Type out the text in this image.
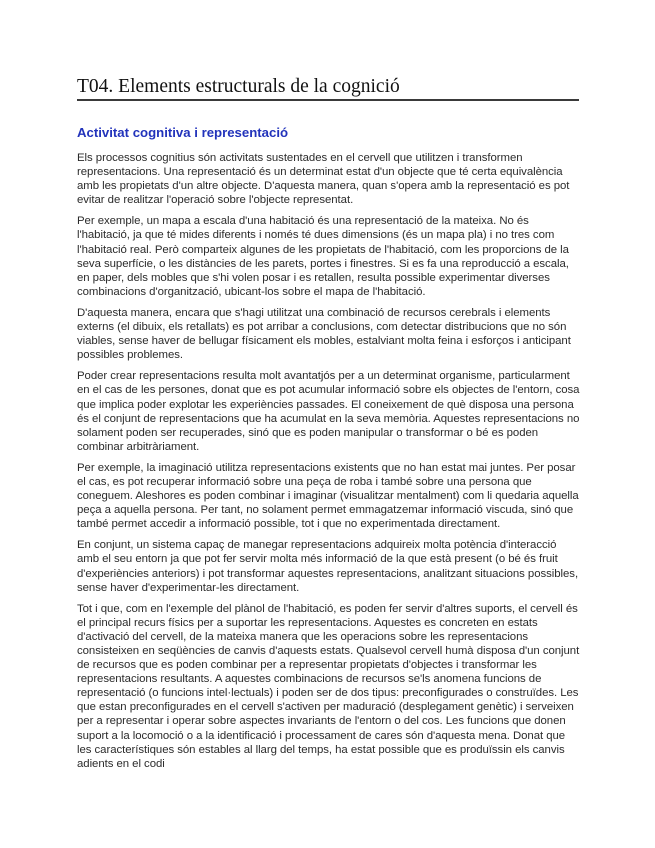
T04. Elements estructurals de la cognició
Activitat cognitiva i representació

Els processos cognitius són activitats sustentades en el cervell que utilitzen i transformen representacions. Una representació és un determinat estat d'un objecte que té certa equivalència amb les propietats d'un altre objecte. D'aquesta manera, quan s'opera amb la representació es pot evitar de realitzar l'operació sobre l'objecte representat.

Per exemple, un mapa a escala d'una habitació és una representació de la mateixa. No és l'habitació, ja que té mides diferents i només té dues dimensions (és un mapa pla) i no tres com l'habitació real. Però comparteix algunes de les propietats de l'habitació, com les proporcions de la seva superfície, o les distàncies de les parets, portes i finestres. Si es fa una reproducció a escala, en paper, dels mobles que s'hi volen posar i es retallen, resulta possible experimentar diverses combinacions d'organització, ubicant-los sobre el mapa de l'habitació.

D'aquesta manera, encara que s'hagi utilitzat una combinació de recursos cerebrals i elements externs (el dibuix, els retallats) es pot arribar a conclusions, com detectar distribucions que no són viables, sense haver de bellugar físicament els mobles, estalviant molta feina i esforços i anticipant possibles problemes.

Poder crear representacions resulta molt avantatjós per a un determinat organisme, particularment en el cas de les persones, donat que es pot acumular informació sobre els objectes de l'entorn, cosa que implica poder explotar les experiències passades. El coneixement de què disposa una persona és el conjunt de representacions que ha acumulat en la seva memòria. Aquestes representacions no solament poden ser recuperades, sinó que es poden manipular o transformar o bé es poden combinar arbitràriament.

Per exemple, la imaginació utilitza representacions existents que no han estat mai juntes. Per posar el cas, es pot recuperar informació sobre una peça de roba i també sobre una persona que coneguem. Aleshores es poden combinar i imaginar (visualitzar mentalment) com li quedaria aquella peça a aquella persona. Per tant, no solament permet emmagatzemar informació viscuda, sinó que també permet accedir a informació possible, tot i que no experimentada directament.

En conjunt, un sistema capaç de manegar representacions adquireix molta potència d'interacció amb el seu entorn ja que pot fer servir molta més informació de la que està present (o bé és fruit d'experiències anteriors) i pot transformar aquestes representacions, analitzant situacions possibles, sense haver d'experimentar-les directament.

Tot i que, com en l'exemple del plànol de l'habitació, es poden fer servir d'altres suports, el cervell és el principal recurs físics per a suportar les representacions. Aquestes es concreten en estats d'activació del cervell, de la mateixa manera que les operacions sobre les representacions consisteixen en seqüències de canvis d'aquests estats. Qualsevol cervell humà disposa d'un conjunt de recursos que es poden combinar per a representar propietats d'objectes i transformar les representacions resultants. A aquestes combinacions de recursos se'ls anomena funcions de representació (o funcions intel·lectuals) i poden ser de dos tipus: preconfigurades o construïdes. Les que estan preconfigurades en el cervell s'activen per maduració (desplegament genètic) i serveixen per a representar i operar sobre aspectes invariants de l'entorn o del cos. Les funcions que donen suport a la locomoció o a la identificació i processament de cares són d'aquesta mena. Donat que les característiques són estables al llarg del temps, ha estat possible que es produïssin els canvis adients en el codi
